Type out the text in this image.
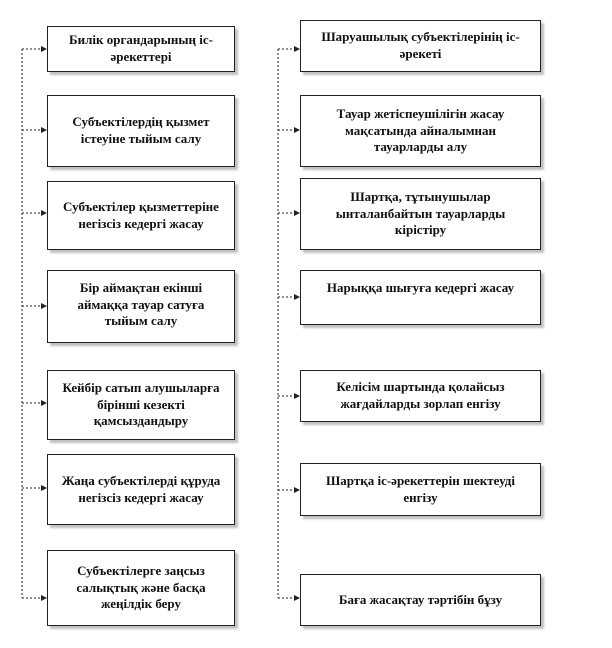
Билік органдарының іс-әрекеттері
Субъектілердің қызмет істеуіне тыйым салу
Субъектілер қызметтеріне негізсіз кедергі жасау
Бір аймақтан екінші аймаққа тауар сатуға тыйым салу
Кейбір сатып алушыларға бірінші кезекті қамсыздандыру
Жаңа субъектілерді құруда негізсіз кедергі жасау
Субъектілерге заңсыз салықтық және басқа жеңілдік беру
Шаруашылық субъектілерінің іс-әрекеті
Тауар жетіспеушілігін жасау мақсатында айналымнан тауарларды алу
Шартқа, тұтынушылар ынталанбайтын тауарларды кірістіру
Нарыққа шығуға кедергі жасау
Келісім шартында қолайсыз жағдайларды зорлап енгізу
Шартқа іс-әрекеттерін шектеуді енгізу
Баға жасақтау тәртібін бұзу
